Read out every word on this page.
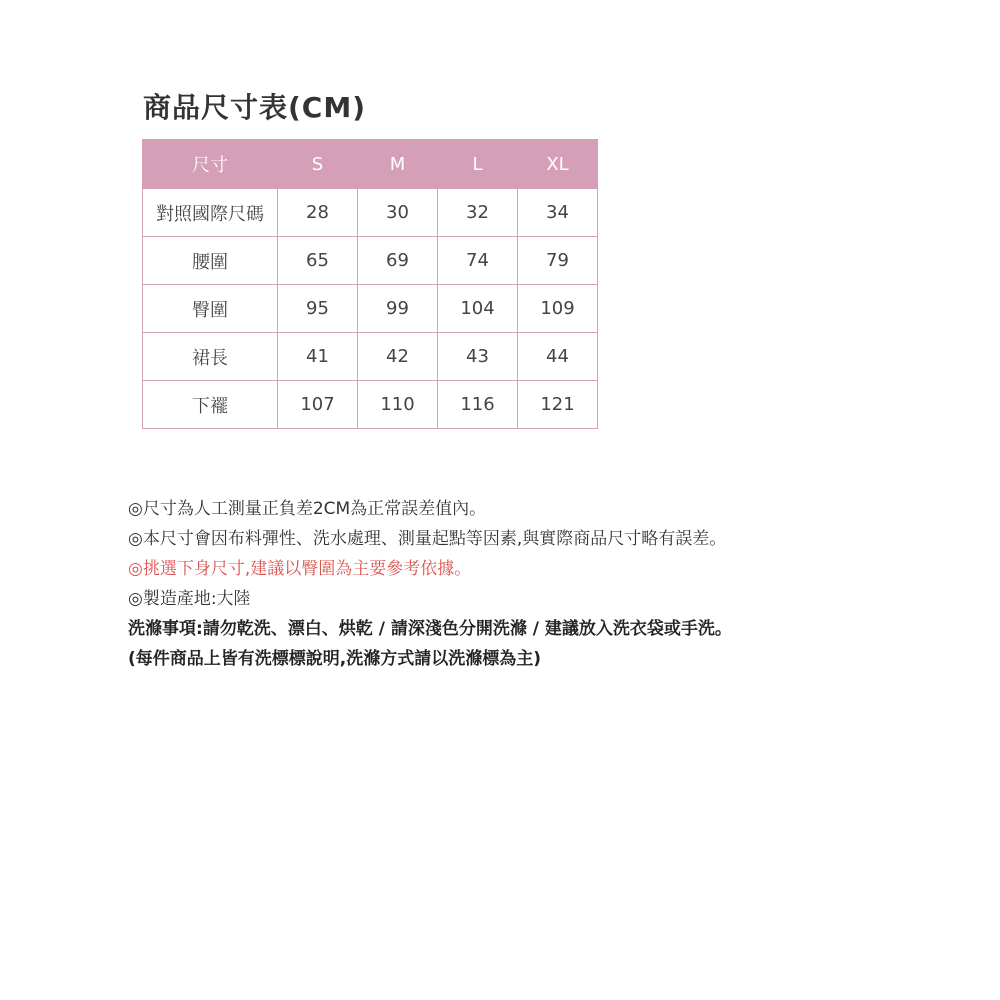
商品尺寸表(CM)
尺寸	S	M	L	XL
對照國際尺碼	28	30	32	34
腰圍	65	69	74	79
臀圍	95	99	104	109
裙長	41	42	43	44
下襬	107	110	116	121
◎尺寸為人工測量正負差2CM為正常誤差值內。
◎本尺寸會因布料彈性、洗水處理、測量起點等因素,與實際商品尺寸略有誤差。
◎挑選下身尺寸,建議以臀圍為主要參考依據。
◎製造產地:大陸
洗滌事項:請勿乾洗、漂白、烘乾 / 請深淺色分開洗滌 / 建議放入洗衣袋或手洗。
(每件商品上皆有洗標標說明,洗滌方式請以洗滌標為主)
